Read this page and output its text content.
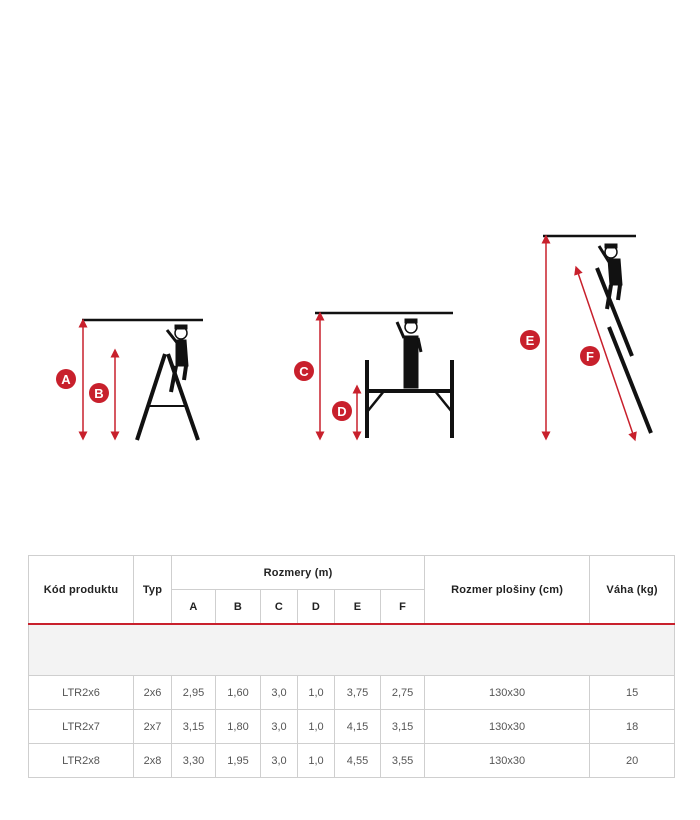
A
B
C
D
E
F
Kód produktu	Typ	Rozmery (m)						Rozmer plošiny (cm)	Váha (kg)
		A	B	C	D	E	F		

LTR2x6	2x6	2,95	1,60	3,0	1,0	3,75	2,75	130x30	15
LTR2x7	2x7	3,15	1,80	3,0	1,0	4,15	3,15	130x30	18
LTR2x8	2x8	3,30	1,95	3,0	1,0	4,55	3,55	130x30	20
